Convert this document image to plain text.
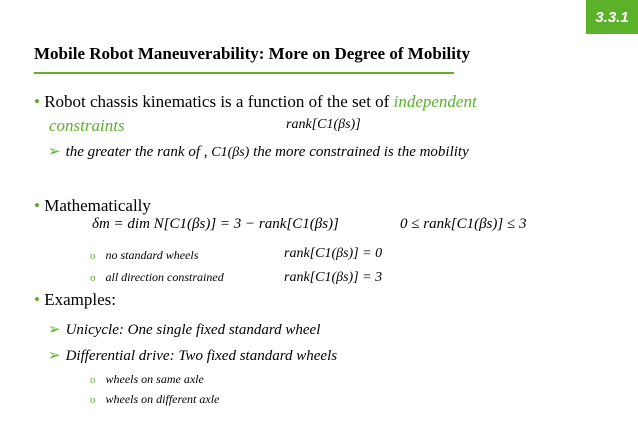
3.3.1
Mobile Robot Maneuverability: More on Degree of Mobility
• Robot chassis kinematics is a function of the set of independent
constraints	rank[C1(βs)]
➢ the greater the rank of , C1(βs) the more constrained is the mobility
• Mathematically
δm = dim N[C1(βs)] = 3 − rank[C1(βs)]	0 ≤ rank[C1(βs)] ≤ 3
o no standard wheels	rank[C1(βs)] = 0
o all direction constrained	rank[C1(βs)] = 3
• Examples:
➢ Unicycle: One single fixed standard wheel
➢ Differential drive: Two fixed standard wheels
o wheels on same axle
o wheels on different axle
